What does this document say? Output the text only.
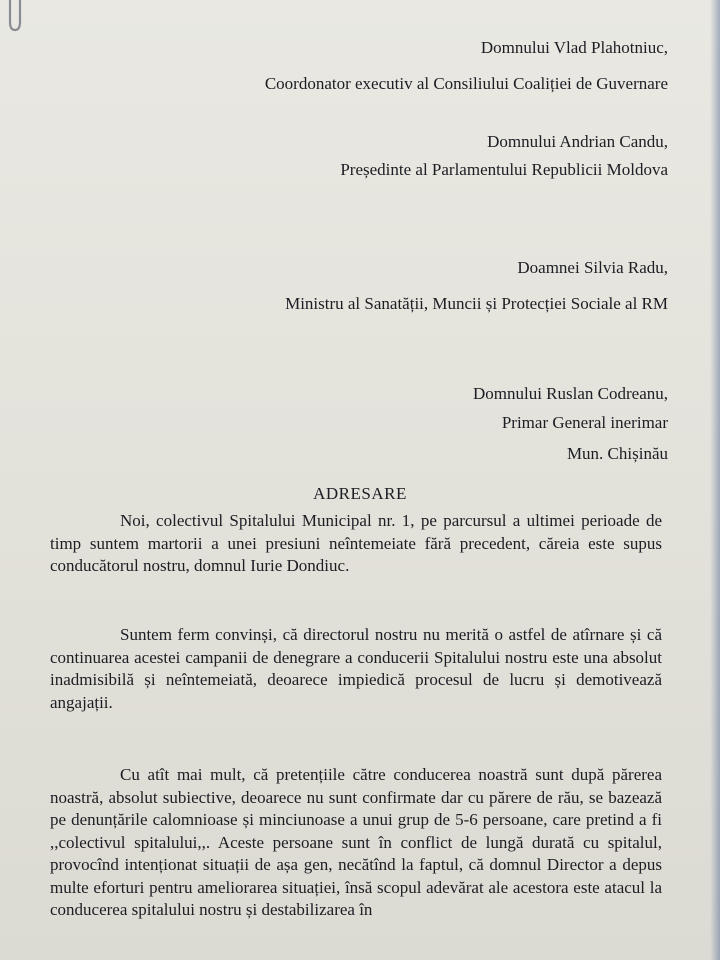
Domnului Vlad Plahotniuc,
Coordonator executiv al Consiliului Coaliției de Guvernare
Domnului Andrian Candu,
Președinte al Parlamentului Republicii Moldova
Doamnei Silvia Radu,
Ministru al Sanatății, Muncii și Protecției Sociale al RM
Domnului Ruslan Codreanu,
Primar General inerimar
Mun. Chișinău
ADRESARE
Noi, colectivul Spitalului Municipal nr. 1, pe parcursul a ultimei perioade de timp suntem martorii a unei presiuni neîntemeiate fără precedent, căreia este supus conducătorul nostru, domnul Iurie Dondiuc.
Suntem ferm convinși, că directorul nostru nu merită o astfel de atîrnare și că continuarea acestei campanii de denegrare a conducerii Spitalului nostru este una absolut inadmisibilă și neîntemeiată, deoarece impiedică procesul de lucru și demotivează angajații.
Cu atît mai mult, că pretențiile către conducerea noastră sunt după părerea noastră, absolut subiective, deoarece nu sunt confirmate dar cu părere de rău, se bazează pe denunțările calomnioase și minciunoase a unui grup de 5-6 persoane, care pretind a fi ,,colectivul spitalului,,. Aceste persoane sunt în conflict de lungă durată cu spitalul, provocînd intenționat situații de așa gen, necătînd la faptul, că domnul Director a depus multe eforturi pentru ameliorarea situației, însă scopul adevărat ale acestora este atacul la conducerea spitalului nostru și destabilizarea în
